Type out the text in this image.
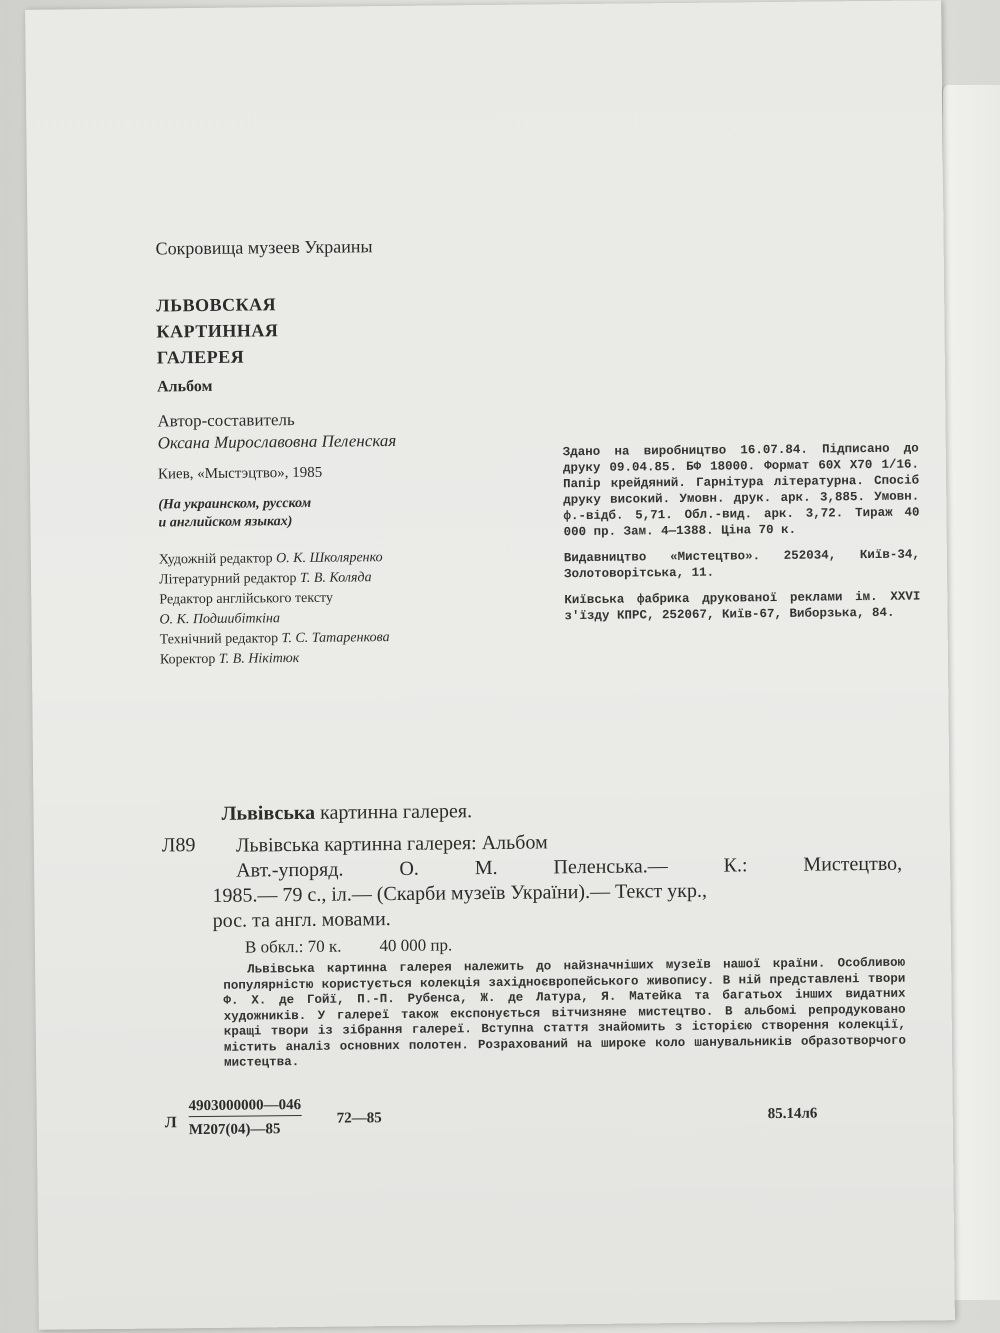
Сокровища музеев Украины
ЛЬВОВСКАЯ
КАРТИННАЯ
ГАЛЕРЕЯ
Альбом
Автор-составитель
Оксана Мирославовна Пеленская
Киев, «Мыстэцтво», 1985
(На украинском, русском
и английском языках)
Художній редактор О. К. Школяренко
Літературний редактор Т. В. Коляда
Редактор англійського тексту
О. К. Подшибіткіна
Технічний редактор Т. С. Татаренкова
Коректор Т. В. Нікітюк

Здано на виробництво 16.07.84. Підписано до друку 09.04.85. БФ 18000. Формат 60X X70 1/16. Папір крейдяний. Гарнітура літературна. Спосіб друку високий. Умовн. друк. арк. 3,885. Умовн. ф.-відб. 5,71. Обл.-вид. арк. 3,72. Тираж 40 000 пр. Зам. 4—1388. Ціна 70 к.

Видавництво «Мистецтво». 252034, Київ-34, Золотоворітська, 11.

Київська фабрика друкованої реклами ім. XXVI з'їзду КПРС, 252067, Київ-67, Виборзька, 84.

Львівська картинна галерея.
Л89	Львівська картинна галерея: Альбом
Авт.-упоряд. О. М. Пеленська.— К.: Мистецтво,
1985.— 79 с., іл.— (Скарби музеїв України).— Текст укр.,
рос. та англ. мовами.
В обкл.: 70 к. 40 000 пр.
Львівська картинна галерея належить до найзначніших музеїв нашої країни. Особливою популярністю користується колекція західноєвропейського живопису. В ній представлені твори Ф. Х. де Гойї, П.-П. Рубенса, Ж. де Латура, Я. Матейка та багатьох інших видатних художників. У галереї також експонується вітчизняне мистецтво. В альбомі репродуковано кращі твори із зібрання галереї. Вступна стаття знайомить з історією створення колекції, містить аналіз основних полотен. Розрахований на широке коло шанувальників образотворчого мистецтва.
Л
4903000000—046
М207(04)—85
72—85	85.14л6
